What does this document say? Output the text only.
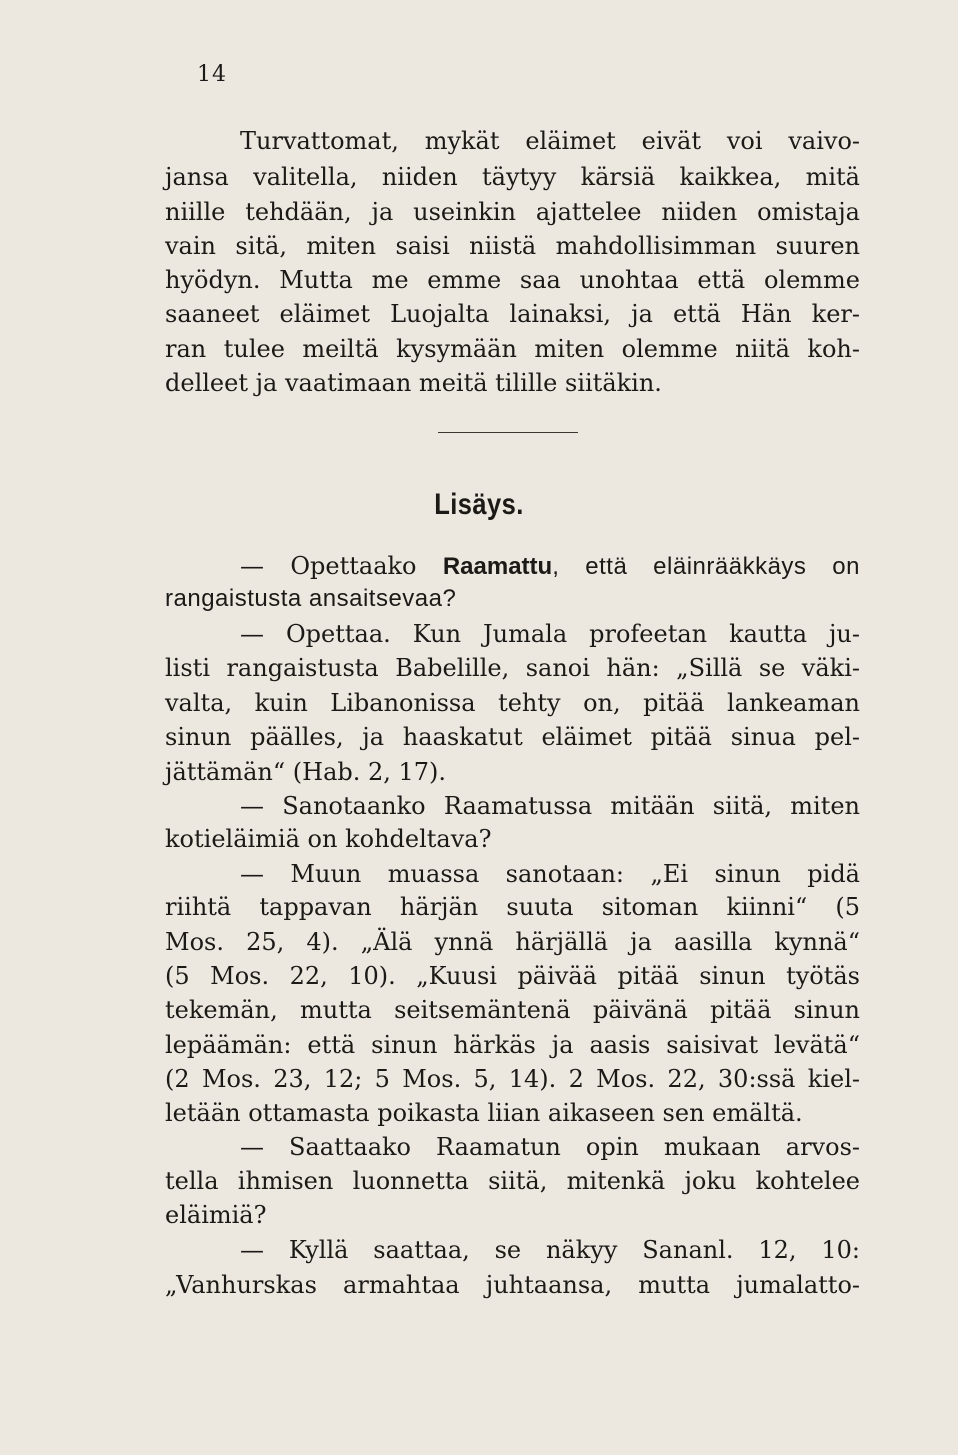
14
Turvattomat, mykät eläimet eivät voi vaivo-
jansa valitella, niiden täytyy kärsiä kaikkea, mitä
niille tehdään, ja useinkin ajattelee niiden omistaja
vain sitä, miten saisi niistä mahdollisimman suuren
hyödyn. Mutta me emme saa unohtaa että olemme
saaneet eläimet Luojalta lainaksi, ja että Hän ker-
ran tulee meiltä kysymään miten olemme niitä koh-
delleet ja vaatimaan meitä tilille siitäkin.
Lisäys.
— Opettaako Raamattu, että eläinrääkkäys on
rangaistusta ansaitsevaa?
— Opettaa. Kun Jumala profeetan kautta ju-
listi rangaistusta Babelille, sanoi hän: „Sillä se väki-
valta, kuin Libanonissa tehty on, pitää lankeaman
sinun päälles, ja haaskatut eläimet pitää sinua pel-
jättämän“ (Hab. 2, 17).
— Sanotaanko Raamatussa mitään siitä, miten
kotieläimiä on kohdeltava?
— Muun muassa sanotaan: „Ei sinun pidä
riihtä tappavan härjän suuta sitoman kiinni“ (5
Mos. 25, 4). „Älä ynnä härjällä ja aasilla kynnä“
(5 Mos. 22, 10). „Kuusi päivää pitää sinun työtäs
tekemän, mutta seitsemäntenä päivänä pitää sinun
lepäämän: että sinun härkäs ja aasis saisivat levätä“
(2 Mos. 23, 12; 5 Mos. 5, 14). 2 Mos. 22, 30:ssä kiel-
letään ottamasta poikasta liian aikaseen sen emältä.
— Saattaako Raamatun opin mukaan arvos-
tella ihmisen luonnetta siitä, mitenkä joku kohtelee
eläimiä?
— Kyllä saattaa, se näkyy Sananl. 12, 10:
„Vanhurskas armahtaa juhtaansa, mutta jumalatto-
